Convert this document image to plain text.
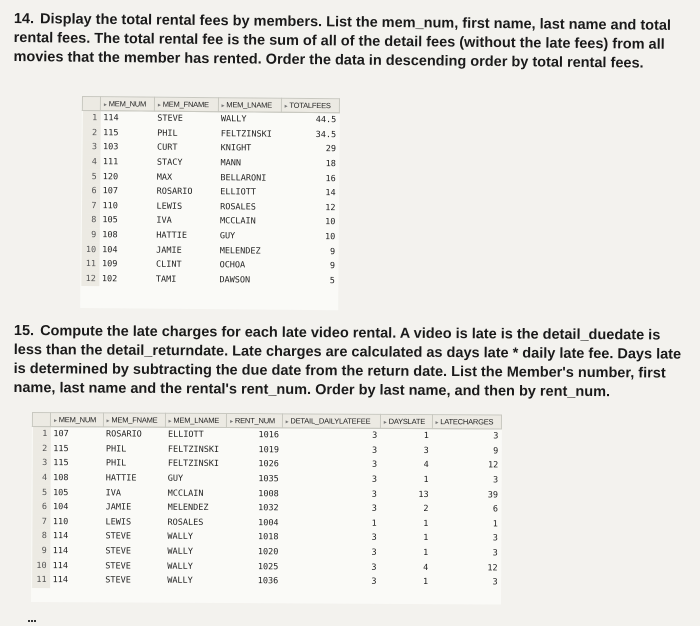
14. Display the total rental fees by members. List the mem_num, first name, last name and total rental fees. The total rental fee is the sum of all of the detail fees (without the late fees) from all movies that the member has rented. Order the data in descending order by total rental fees.
	▸ MEM_NUM	▸ MEM_FNAME	▸ MEM_LNAME	▸ TOTALFEES
1	114	STEVE	WALLY	44.5
2	115	PHIL	FELTZINSKI	34.5
3	103	CURT	KNIGHT	29
4	111	STACY	MANN	18
5	120	MAX	BELLARONI	16
6	107	ROSARIO	ELLIOTT	14
7	110	LEWIS	ROSALES	12
8	105	IVA	MCCLAIN	10
9	108	HATTIE	GUY	10
10	104	JAMIE	MELENDEZ	9
11	109	CLINT	OCHOA	9
12	102	TAMI	DAWSON	5
15. Compute the late charges for each late video rental. A video is late is the detail_duedate is less than the detail_returndate. Late charges are calculated as days late * daily late fee. Days late is determined by subtracting the due date from the return date. List the Member's number, first name, last name and the rental's rent_num. Order by last name, and then by rent_num.
	▸ MEM_NUM	▸ MEM_FNAME	▸ MEM_LNAME	▸ RENT_NUM	▸ DETAIL_DAILYLATEFEE	▸ DAYSLATE	▸ LATECHARGES
1	107	ROSARIO	ELLIOTT	1016	3	1	3
2	115	PHIL	FELTZINSKI	1019	3	3	9
3	115	PHIL	FELTZINSKI	1026	3	4	12
4	108	HATTIE	GUY	1035	3	1	3
5	105	IVA	MCCLAIN	1008	3	13	39
6	104	JAMIE	MELENDEZ	1032	3	2	6
7	110	LEWIS	ROSALES	1004	1	1	1
8	114	STEVE	WALLY	1018	3	1	3
9	114	STEVE	WALLY	1020	3	1	3
10	114	STEVE	WALLY	1025	3	4	12
11	114	STEVE	WALLY	1036	3	1	3
